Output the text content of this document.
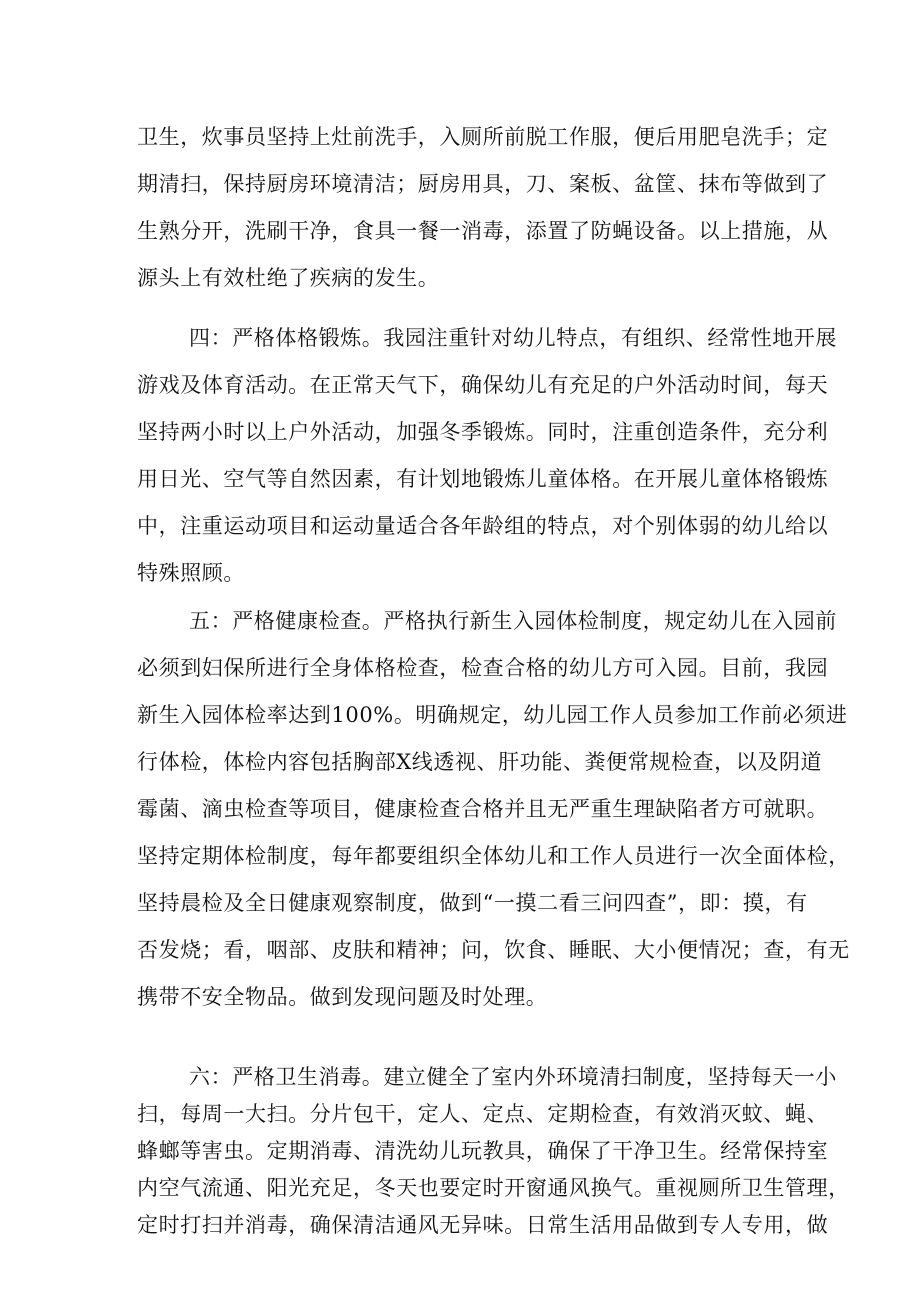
卫生，炊事员坚持上灶前洗手，入厕所前脱工作服，便后用肥皂洗手；定
期清扫，保持厨房环境清洁；厨房用具，刀、案板、盆筐、抹布等做到了
生熟分开，洗刷干净，食具一餐一消毒，添置了防蝇设备。以上措施，从
源头上有效杜绝了疾病的发生。
四：严格体格锻炼。我园注重针对幼儿特点，有组织、经常性地开展
游戏及体育活动。在正常天气下，确保幼儿有充足的户外活动时间，每天
坚持两小时以上户外活动，加强冬季锻炼。同时，注重创造条件，充分利
用日光、空气等自然因素，有计划地锻炼儿童体格。在开展儿童体格锻炼
中，注重运动项目和运动量适合各年龄组的特点，对个别体弱的幼儿给以
特殊照顾。
五：严格健康检查。严格执行新生入园体检制度，规定幼儿在入园前
必须到妇保所进行全身体格检查，检查合格的幼儿方可入园。目前，我园
新生入园体检率达到100%。明确规定，幼儿园工作人员参加工作前必须进
行体检，体检内容包括胸部X线透视、肝功能、粪便常规检查，以及阴道
霉菌、滴虫检查等项目，健康检查合格并且无严重生理缺陷者方可就职。
坚持定期体检制度，每年都要组织全体幼儿和工作人员进行一次全面体检，
坚持晨检及全日健康观察制度，做到“一摸二看三问四查”，即：摸，有
否发烧；看，咽部、皮肤和精神；问，饮食、睡眠、大小便情况；查，有无
携带不安全物品。做到发现问题及时处理。
六：严格卫生消毒。建立健全了室内外环境清扫制度，坚持每天一小
扫，每周一大扫。分片包干，定人、定点、定期检查，有效消灭蚊、蝇、
蜂螂等害虫。定期消毒、清洗幼儿玩教具，确保了干净卫生。经常保持室
内空气流通、阳光充足，冬天也要定时开窗通风换气。重视厕所卫生管理，
定时打扫并消毒，确保清洁通风无异味。日常生活用品做到专人专用，做
